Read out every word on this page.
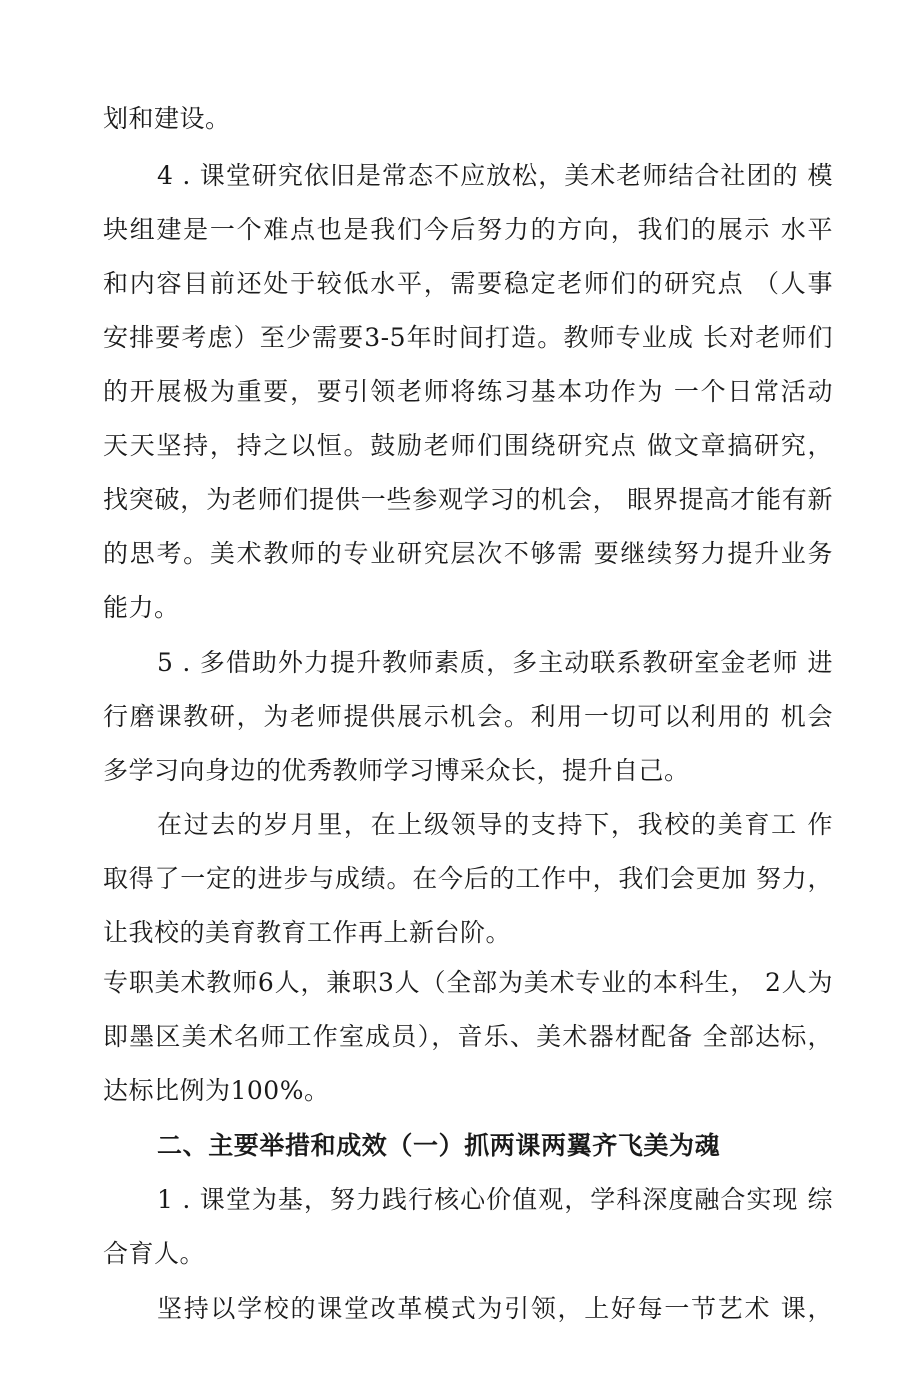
划和建设。
4 . 课堂研究依旧是常态不应放松，美术老师结合社团的 模
块组建是一个难点也是我们今后努力的方向，我们的展示 水平
和内容目前还处于较低水平，需要稳定老师们的研究点 （人事
安排要考虑）至少需要3-5年时间打造。教师专业成 长对老师们
的开展极为重要，要引领老师将练习基本功作为 一个日常活动
天天坚持，持之以恒。鼓励老师们围绕研究点 做文章搞研究，
找突破，为老师们提供一些参观学习的机会， 眼界提高才能有新
的思考。美术教师的专业研究层次不够需 要继续努力提升业务
能力。
5 . 多借助外力提升教师素质，多主动联系教研室金老师 进
行磨课教研，为老师提供展示机会。利用一切可以利用的 机会
多学习向身边的优秀教师学习博采众长，提升自己。
在过去的岁月里，在上级领导的支持下，我校的美育工 作
取得了一定的进步与成绩。在今后的工作中，我们会更加 努力，
让我校的美育教育工作再上新台阶。
专职美术教师6人，兼职3人（全部为美术专业的本科生， 2人为
即墨区美术名师工作室成员），音乐、美术器材配备 全部达标，
达标比例为100%。
二、主要举措和成效（一）抓两课两翼齐飞美为魂
1 . 课堂为基，努力践行核心价值观，学科深度融合实现 综
合育人。
坚持以学校的课堂改革模式为引领，上好每一节艺术 课，
